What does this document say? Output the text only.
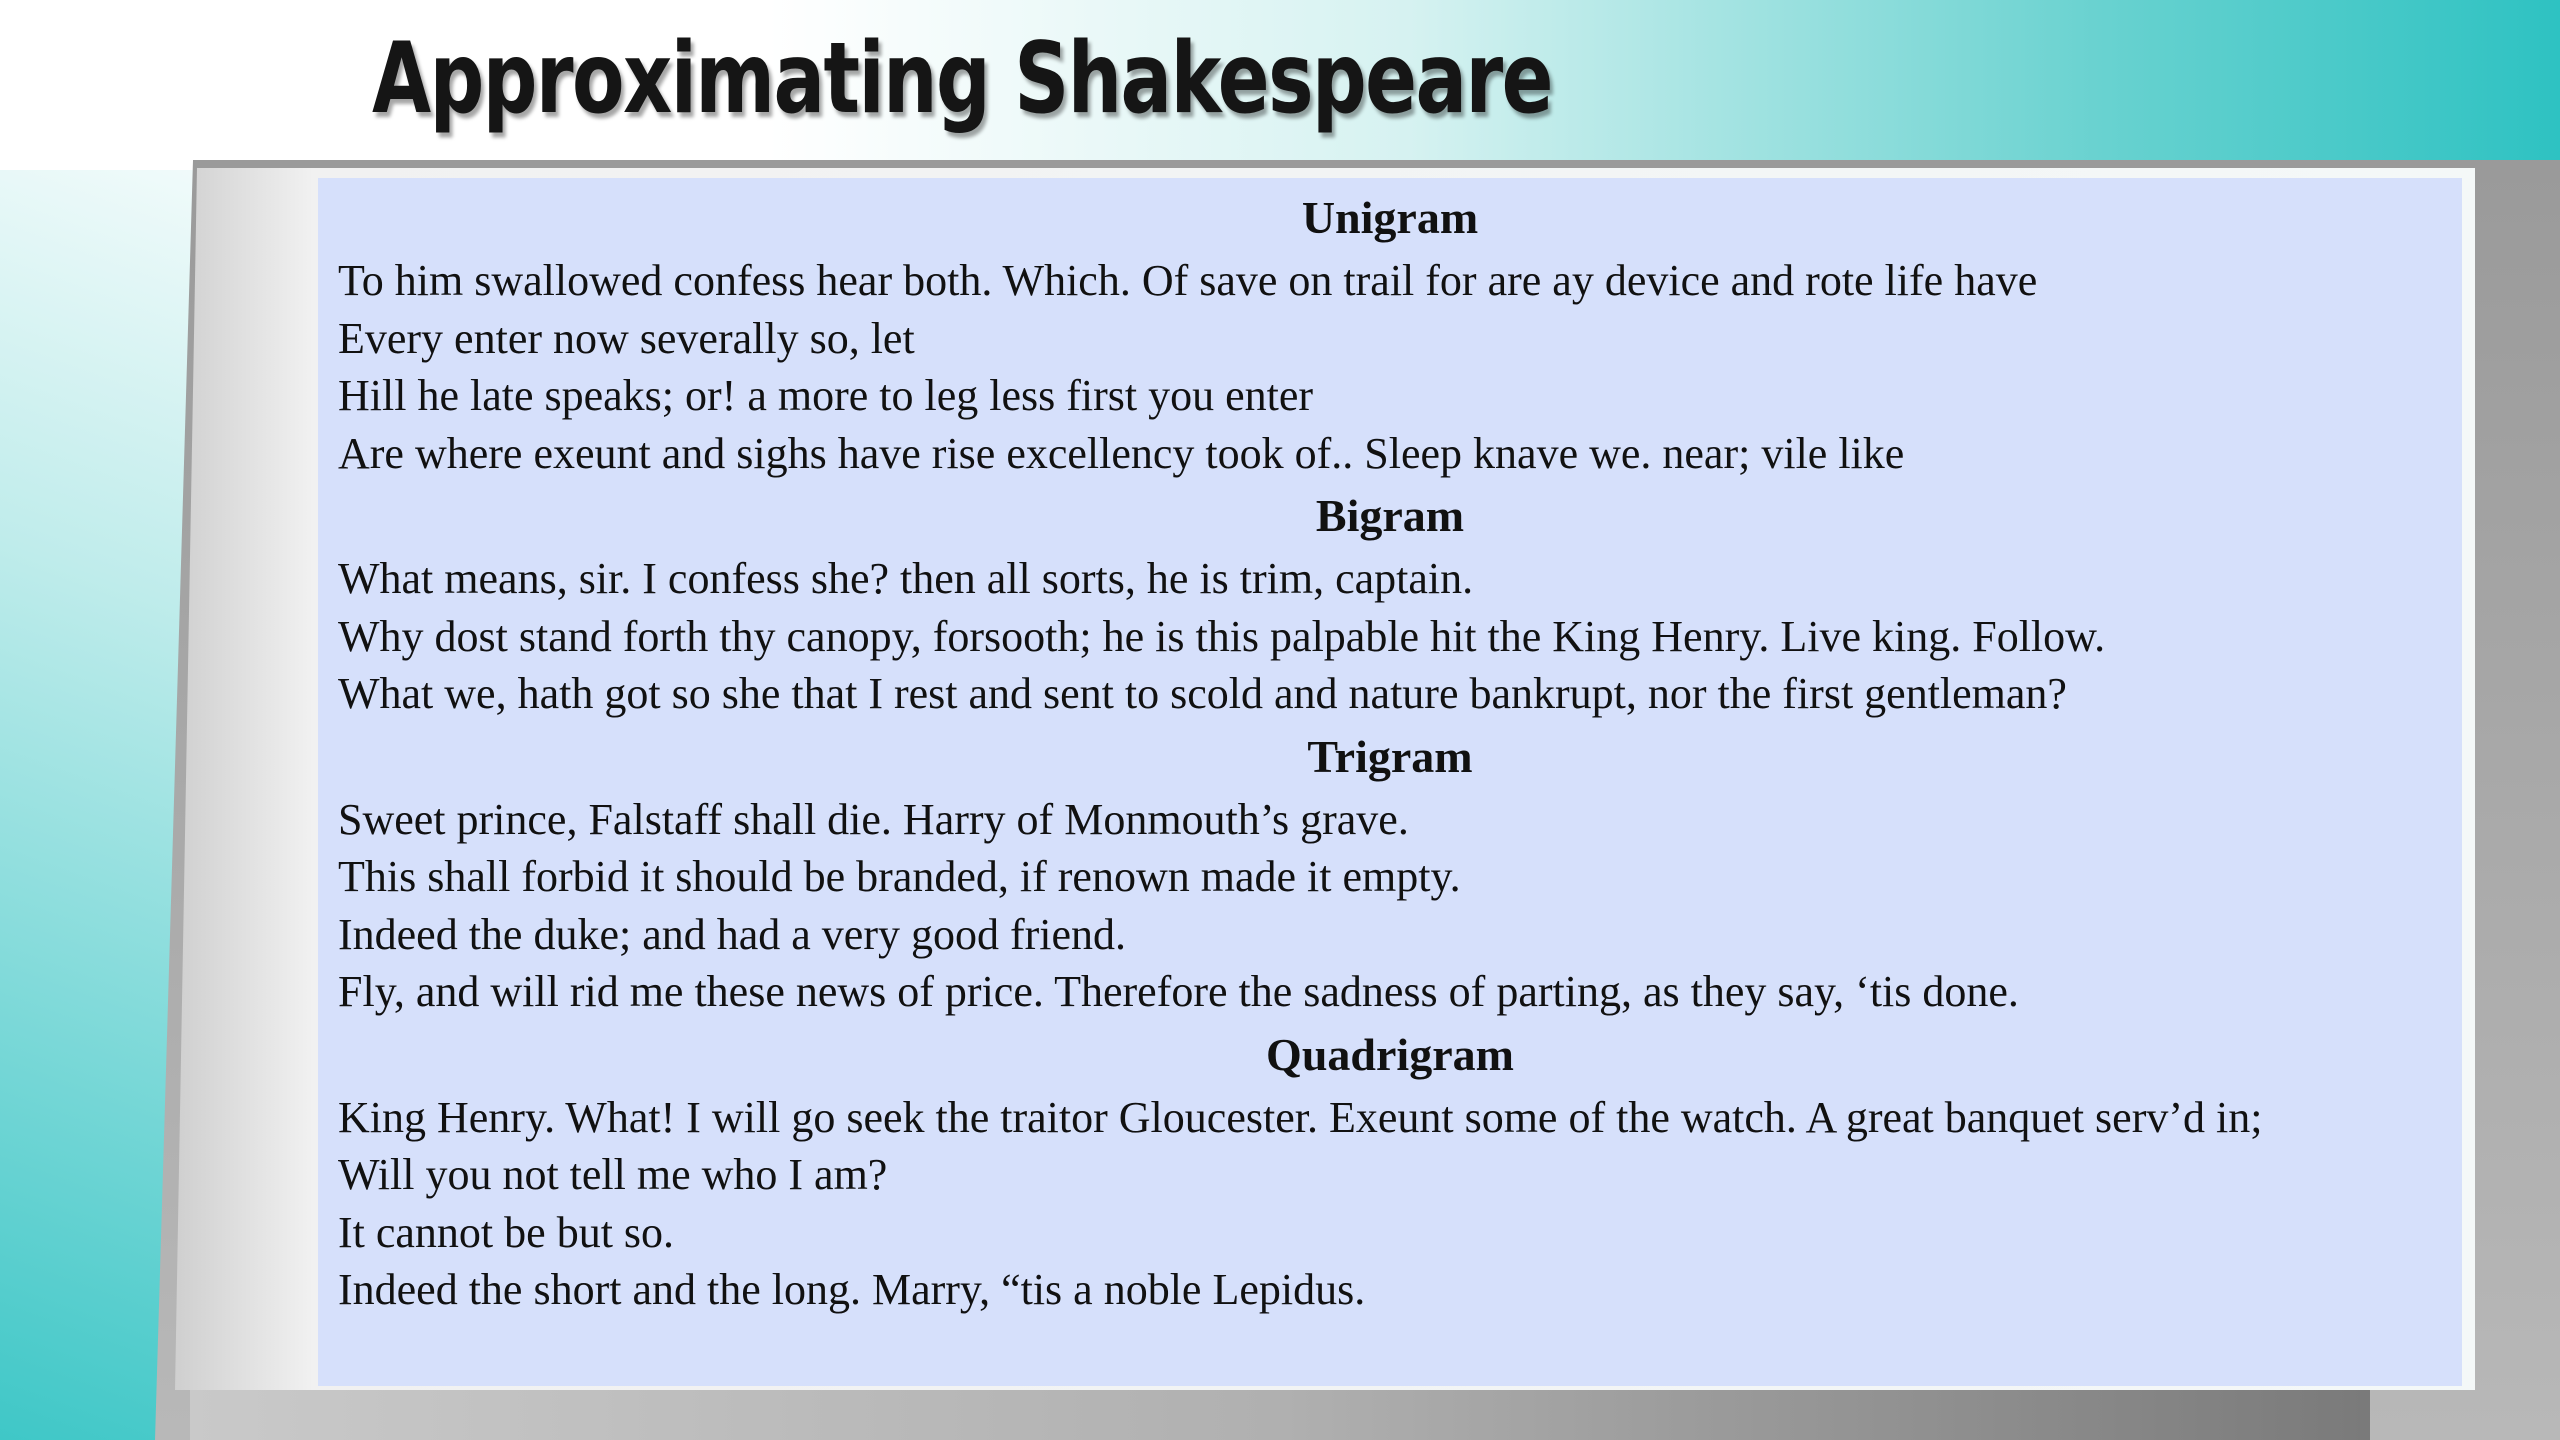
Approximating Shakespeare
Unigram
To him swallowed confess hear both. Which. Of save on trail for are ay device and rote life have
Every enter now severally so, let
Hill he late speaks; or! a more to leg less first you enter
Are where exeunt and sighs have rise excellency took of.. Sleep knave we. near; vile like
Bigram
What means, sir. I confess she? then all sorts, he is trim, captain.
Why dost stand forth thy canopy, forsooth; he is this palpable hit the King Henry. Live king. Follow.
What we, hath got so she that I rest and sent to scold and nature bankrupt, nor the first gentleman?
Trigram
Sweet prince, Falstaff shall die. Harry of Monmouth’s grave.
This shall forbid it should be branded, if renown made it empty.
Indeed the duke; and had a very good friend.
Fly, and will rid me these news of price. Therefore the sadness of parting, as they say, ‘tis done.
Quadrigram
King Henry. What! I will go seek the traitor Gloucester. Exeunt some of the watch. A great banquet serv’d in;
Will you not tell me who I am?
It cannot be but so.
Indeed the short and the long. Marry, “tis a noble Lepidus.
